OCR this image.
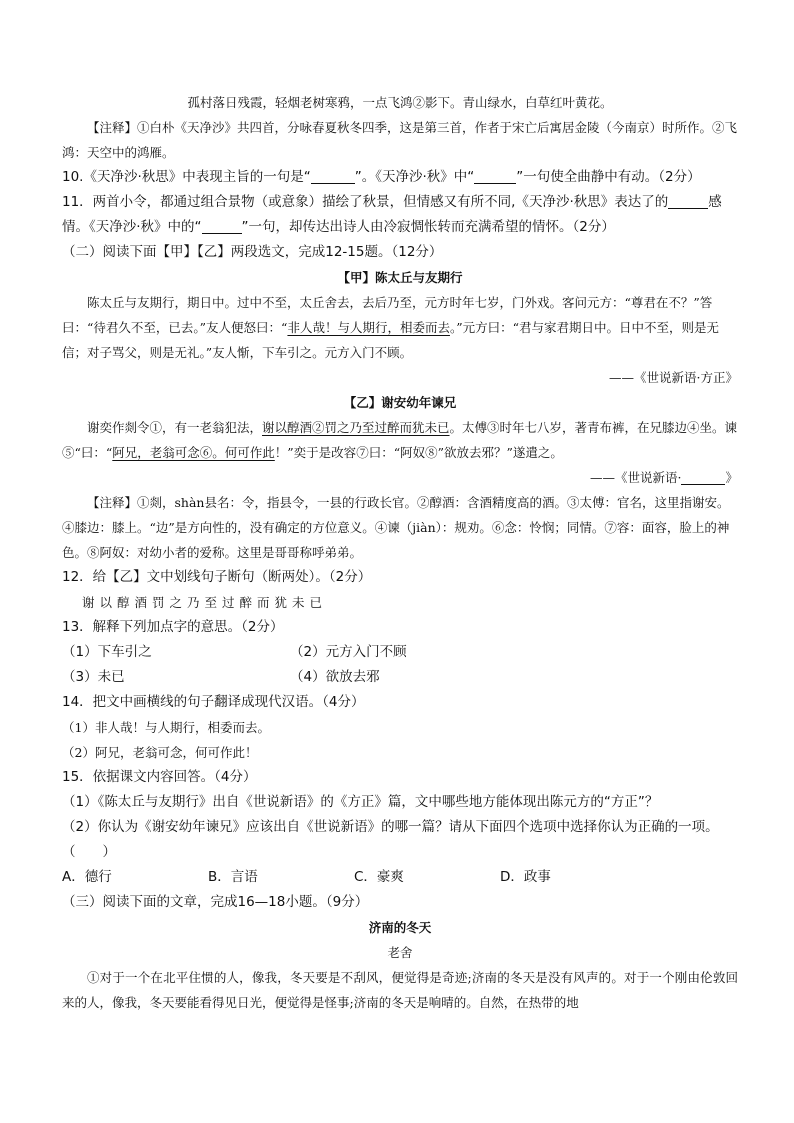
孤村落日残霞，轻烟老树寒鸦，一点飞鸿②影下。青山绿水，白草红叶黄花。

【注释】①白朴《天净沙》共四首，分咏春夏秋冬四季，这是第三首，作者于宋亡后寓居金陵（今南京）时所作。②飞鸿：天空中的鸿雁。

10.《天净沙·秋思》中表现主旨的一句是“	”。《天净沙·秋》中“	”一句使全曲静中有动。（2分）

11．两首小令，都通过组合景物（或意象）描绘了秋景，但情感又有所不同,《天净沙·秋思》表达了的	感情。《天净沙·秋》中的“	”一句，却传达出诗人由冷寂惆怅转而充满希望的情怀。（2分）

（二）阅读下面【甲】【乙】两段选文，完成12-15题。（12分）

【甲】陈太丘与友期行

陈太丘与友期行，期日中。过中不至，太丘舍去，去后乃至，元方时年七岁，门外戏。客问元方：“尊君在不？”答曰：“待君久不至，已去。”友人便怒曰：“非人哉！与人期行，相委而去。”元方曰：“君与家君期日中。日中不至，则是无信；对子骂父，则是无礼。”友人惭，下车引之。元方入门不顾。

——《世说新语·方正》

【乙】谢安幼年谏兄

谢奕作剡令①，有一老翁犯法，谢以醇酒②罚之乃至过醉而犹未已。太傅③时年七八岁，著青布裤，在兄膝边④坐。谏⑤“曰：“阿兄，老翁可念⑥。何可作此！”奕于是改容⑦曰：“阿奴⑧”欲放去邪？”遂遣之。

——《世说新语·	》

【注释】①剡，shàn县名：令，指县令，一县的行政长官。②醇酒：含酒精度高的酒。③太傅：官名，这里指谢安。④膝边：膝上。“边”是方向性的，没有确定的方位意义。④谏（jiàn）：规劝。⑥念：怜悯；同情。⑦容：面容，脸上的神色。⑧阿奴：对幼小者的爱称。这里是哥哥称呼弟弟。

12．给【乙】文中划线句子断句（断两处）。（2分）

谢以醇酒罚之乃至过醉而犹未已

13．解释下列加点字的意思。（2分）

（1）下车引之	（2）元方入门不顾
（3）未已	（4）欲放去邪

14．把文中画横线的句子翻译成现代汉语。（4分）

（1）非人哉！与人期行，相委而去。

（2）阿兄，老翁可念，何可作此！

15．依据课文内容回答。（4分）

（1）《陈太丘与友期行》出自《世说新语》的《方正》篇，文中哪些地方能体现出陈元方的“方正”？

（2）你认为《谢安幼年谏兄》应该出自《世说新语》的哪一篇？请从下面四个选项中选择你认为正确的一项。

（　　）

A．德行	B．言语	C．豪爽	D．政事

（三）阅读下面的文章，完成16—18小题。（9分）

济南的冬天

老舍

①对于一个在北平住惯的人，像我，冬天要是不刮风，便觉得是奇迹;济南的冬天是没有风声的。对于一个刚由伦敦回来的人，像我，冬天要能看得见日光，便觉得是怪事;济南的冬天是响晴的。自然，在热带的地
